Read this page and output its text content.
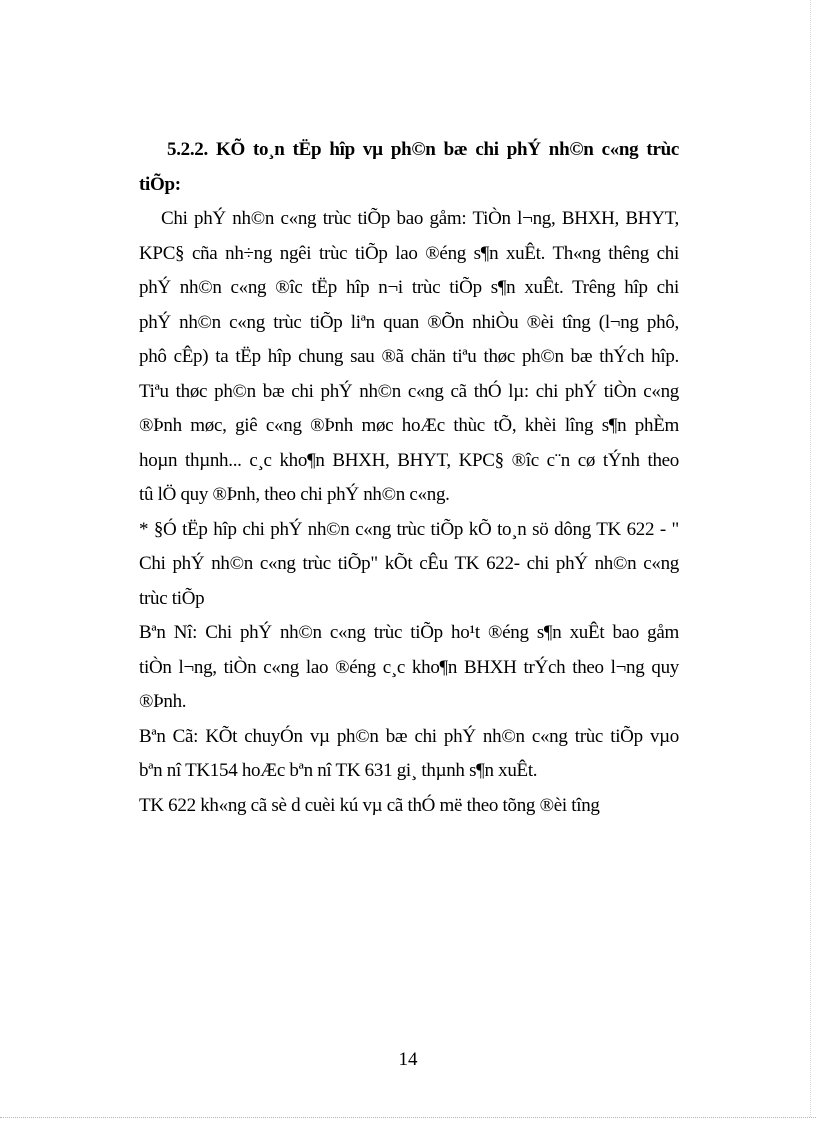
5.2.2. KÕ to¸n tËp hîp vµ ph©n bæ chi phÝ nh©n c«ng trùc
tiÕp:
Chi phÝ nh©n c«ng trùc tiÕp bao gåm: TiÒn l¬ng, BHXH, BHYT,
KPC§ cña nh÷ng ngêi trùc tiÕp lao ®éng s¶n xuÊt. Th«ng thêng chi
phÝ nh©n c«ng ®îc tËp hîp n¬i trùc tiÕp s¶n xuÊt. Trêng hîp chi
phÝ nh©n c«ng trùc tiÕp liªn quan ®Õn nhiÒu ®èi tîng (l¬ng phô,
phô cÊp) ta tËp hîp chung sau ®ã chän tiªu thøc ph©n bæ thÝch hîp.
Tiªu thøc ph©n bæ chi phÝ nh©n c«ng cã thÓ lµ: chi phÝ tiÒn c«ng
®Þnh møc, giê c«ng ®Þnh møc hoÆc thùc tÕ, khèi lîng s¶n phÈm
hoµn thµnh... c¸c kho¶n BHXH, BHYT, KPC§ ®îc c¨n cø tÝnh theo
tû lÖ quy ®Þnh, theo chi phÝ nh©n c«ng.
* §Ó tËp hîp chi phÝ nh©n c«ng trùc tiÕp kÕ to¸n sö dông TK 622 - "
Chi phÝ nh©n c«ng trùc tiÕp" kÕt cÊu TK 622- chi phÝ nh©n c«ng
trùc tiÕp
Bªn Nî: Chi phÝ nh©n c«ng trùc tiÕp ho¹t ®éng s¶n xuÊt bao gåm
tiÒn l¬ng, tiÒn c«ng lao ®éng c¸c kho¶n BHXH trÝch theo l¬ng quy
®Þnh.
Bªn Cã: KÕt chuyÓn vµ ph©n bæ chi phÝ nh©n c«ng trùc tiÕp vµo
bªn nî TK154 hoÆc bªn nî TK 631 gi¸ thµnh s¶n xuÊt.
TK 622 kh«ng cã sè d cuèi kú vµ cã thÓ më theo tõng ®èi tîng
14
